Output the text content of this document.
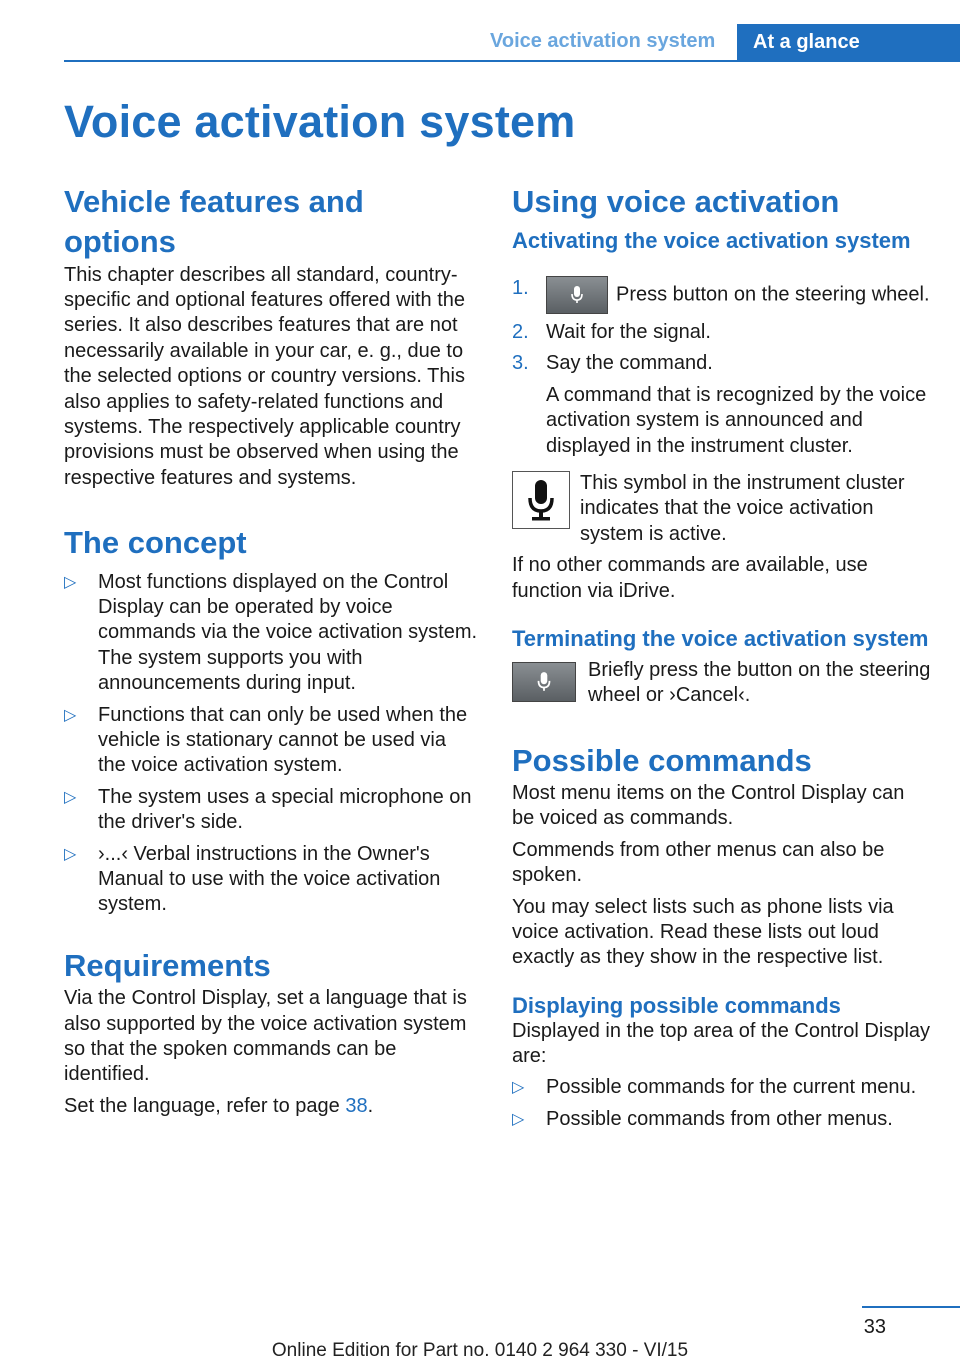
Voice activation system At a glance
Voice activation system
Vehicle features and options

This chapter describes all standard, country-specific and optional features offered with the series. It also describes features that are not necessarily available in your car, e. g., due to the selected options or country versions. This also applies to safety-related functions and systems. The respectively applicable country provisions must be observed when using the respective features and systems.

The concept
▷ Most functions displayed on the Control Display can be operated by voice commands via the voice activation system. The system supports you with announcements during input.
▷ Functions that can only be used when the vehicle is stationary cannot be used via the voice activation system.
▷ The system uses a special microphone on the driver's side.
▷ ›...‹ Verbal instructions in the Owner's Manual to use with the voice activation system.
Requirements

Via the Control Display, set a language that is also supported by the voice activation system so that the spoken commands can be identified.

Set the language, refer to page 38.

Using voice activation
Activating the voice activation system
1.	Press button on the steering wheel.
2. Wait for the signal.
3. Say the command.
A command that is recognized by the voice activation system is announced and displayed in the instrument cluster.

This symbol in the instrument cluster indicates that the voice activation system is active.

If no other commands are available, use function via iDrive.

Terminating the voice activation system

Briefly press the button on the steering wheel or ›Cancel‹.

Possible commands

Most menu items on the Control Display can be voiced as commands.

Commends from other menus can also be spoken.

You may select lists such as phone lists via voice activation. Read these lists out loud exactly as they show in the respective list.

Displaying possible commands

Displayed in the top area of the Control Display are:

▷ Possible commands for the current menu.
▷ Possible commands from other menus.
33
Online Edition for Part no. 0140 2 964 330 - VI/15
